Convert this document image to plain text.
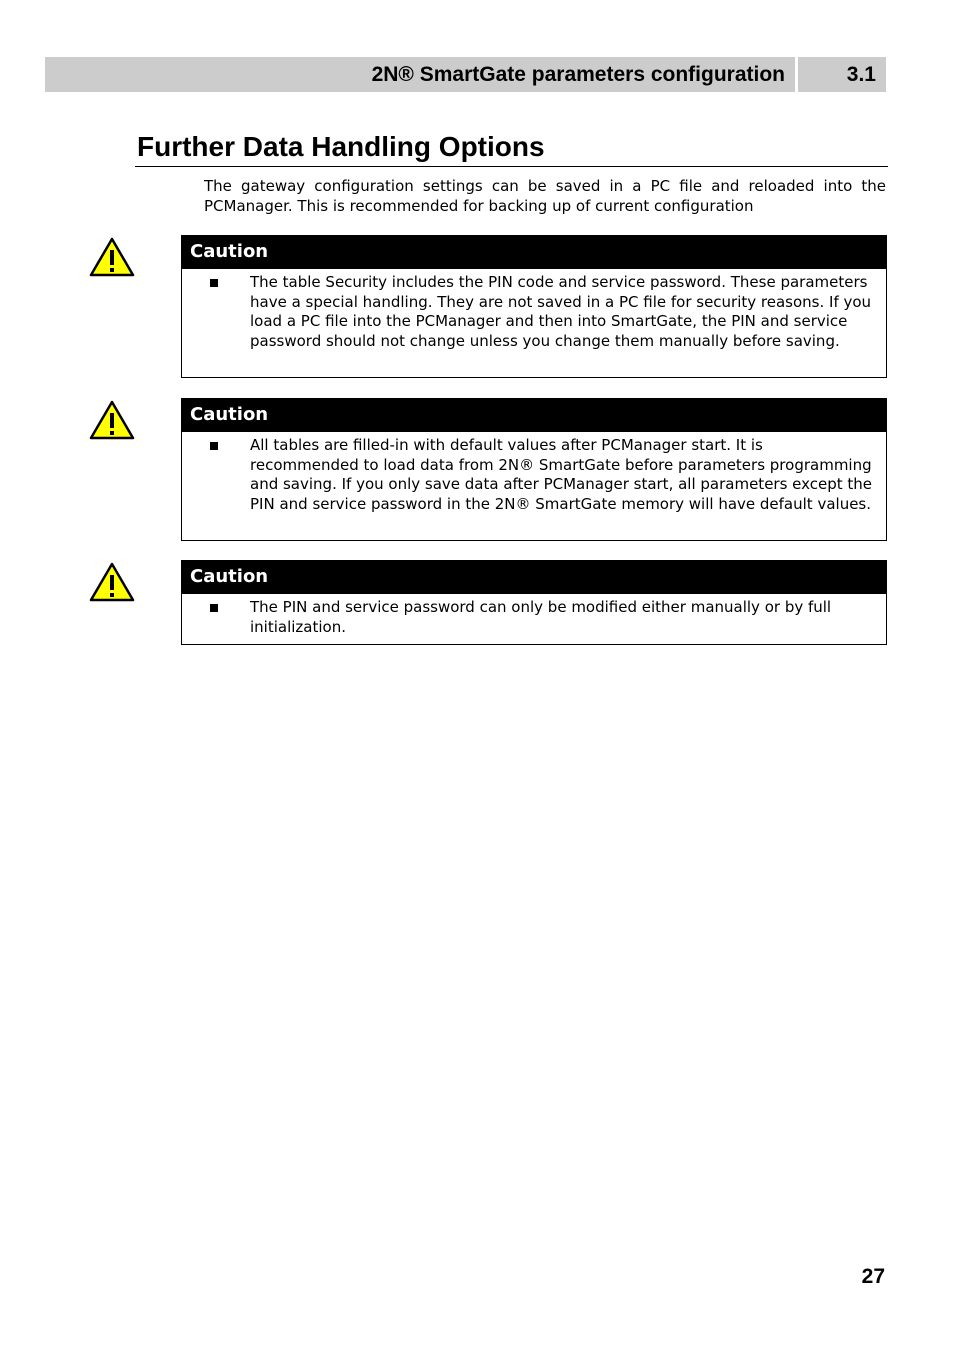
2N® SmartGate parameters configuration	3.1
Further Data Handling Options
The gateway configuration settings can be saved in a PC file and reloaded into the PCManager. This is recommended for backing up of current configuration
Caution
The table Security includes the PIN code and service password. These parameters have a special handling. They are not saved in a PC file for security reasons. If you load a PC file into the PCManager and then into SmartGate, the PIN and service password should not change unless you change them manually before saving.
Caution
All tables are filled-in with default values after PCManager start. It is recommended to load data from 2N® SmartGate before parameters programming and saving. If you only save data after PCManager start, all parameters except the PIN and service password in the 2N® SmartGate memory will have default values.
Caution
The PIN and service password can only be modified either manually or by full initialization.
27
